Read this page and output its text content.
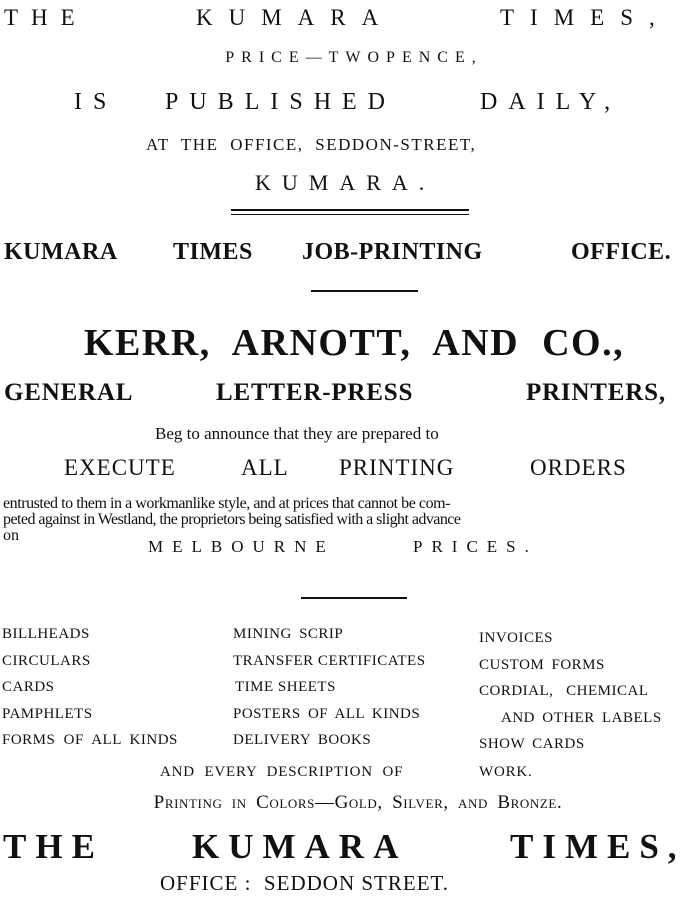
THE	KUMARA	TIMES,
PRICE—TWOPENCE,
IS PUBLISHED	DAILY,
AT THE OFFICE, SEDDON-STREET,
KUMARA.
KUMARA TIMES JOB-PRINTING	OFFICE.
KERR, ARNOTT, AND CO.,
GENERAL	LETTER-PRESS	PRINTERS,
Beg to announce that they are prepared to
EXECUTE	ALL PRINTING	ORDERS
entrusted to them in a workmanlike style, and at prices that cannot be com-
peted against in Westland, the proprietors being satisfied with a slight advance
on
MELBOURNE	PRICES.
BILLHEADS
CIRCULARS
CARDS
PAMPHLETS
FORMS OF ALL KINDS
MINING SCRIP
TRANSFER CERTIFICATES
TIME SHEETS
POSTERS OF ALL KINDS
DELIVERY BOOKS
INVOICES
CUSTOM FORMS
CORDIAL,   CHEMICAL
AND OTHER LABELS
SHOW CARDS
AND EVERY DESCRIPTION OF	WORK.
Printing in Colors—Gold, Silver, and Bronze.
THE	KUMARA	TIMES,
OFFICE :  SEDDON STREET.
